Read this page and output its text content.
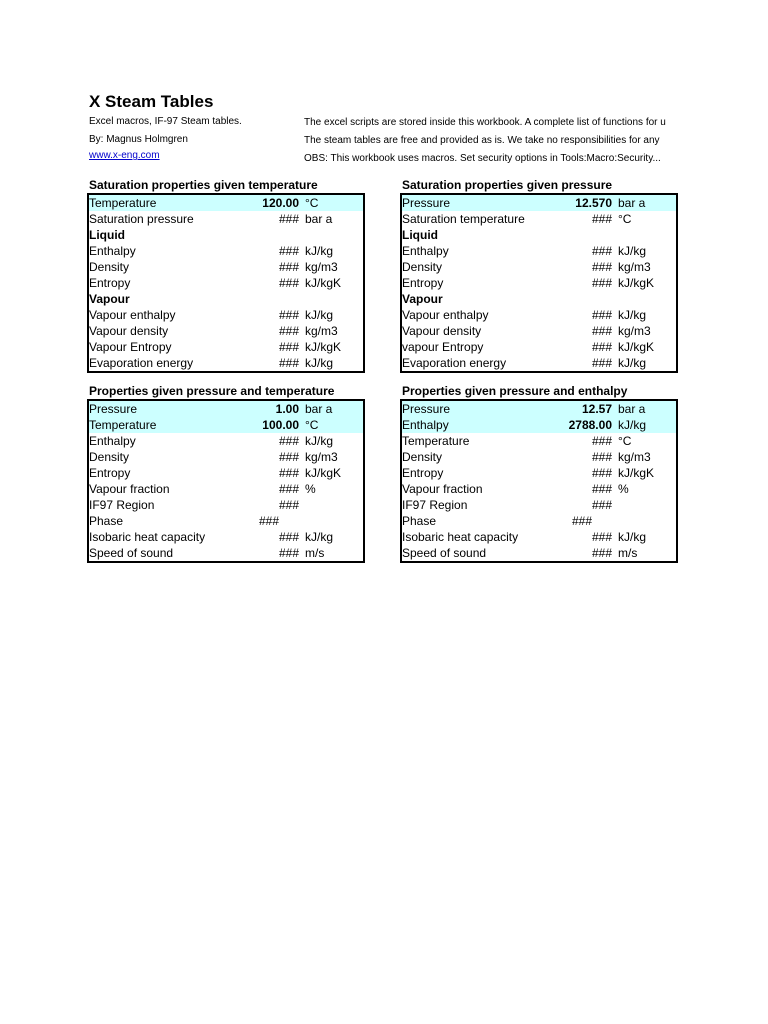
X Steam Tables
Excel macros, IF-97 Steam tables.
By: Magnus Holmgren
www.x-eng.com
The excel scripts are stored inside this workbook. A complete list of functions for u
The steam tables are free and provided as is. We take no responsibilities for any
OBS: This workbook uses macros. Set security options in Tools:Macro:Security...
Saturation properties given temperature
Temperature	120.00 °C
Saturation pressure	### bar a
Liquid
Enthalpy	### kJ/kg
Density	### kg/m3
Entropy	### kJ/kgK
Vapour
Vapour enthalpy	### kJ/kg
Vapour density	### kg/m3
Vapour Entropy	### kJ/kgK
Evaporation energy	### kJ/kg
Saturation properties given pressure
Pressure	12.570 bar a
Saturation temperature	### °C
Liquid
Enthalpy	### kJ/kg
Density	### kg/m3
Entropy	### kJ/kgK
Vapour
Vapour enthalpy	### kJ/kg
Vapour density	### kg/m3
vapour Entropy	### kJ/kgK
Evaporation energy	### kJ/kg
Properties given pressure and temperature
Pressure	1.00 bar a
Temperature	100.00 °C
Enthalpy	### kJ/kg
Density	### kg/m3
Entropy	### kJ/kgK
Vapour fraction	### %
IF97 Region	###
Phase	###
Isobaric heat capacity	### kJ/kg
Speed of sound	### m/s
Properties given pressure and enthalpy
Pressure	12.57 bar a
Enthalpy	2788.00 kJ/kg
Temperature	### °C
Density	### kg/m3
Entropy	### kJ/kgK
Vapour fraction	### %
IF97 Region	###
Phase	###
Isobaric heat capacity	### kJ/kg
Speed of sound	### m/s
